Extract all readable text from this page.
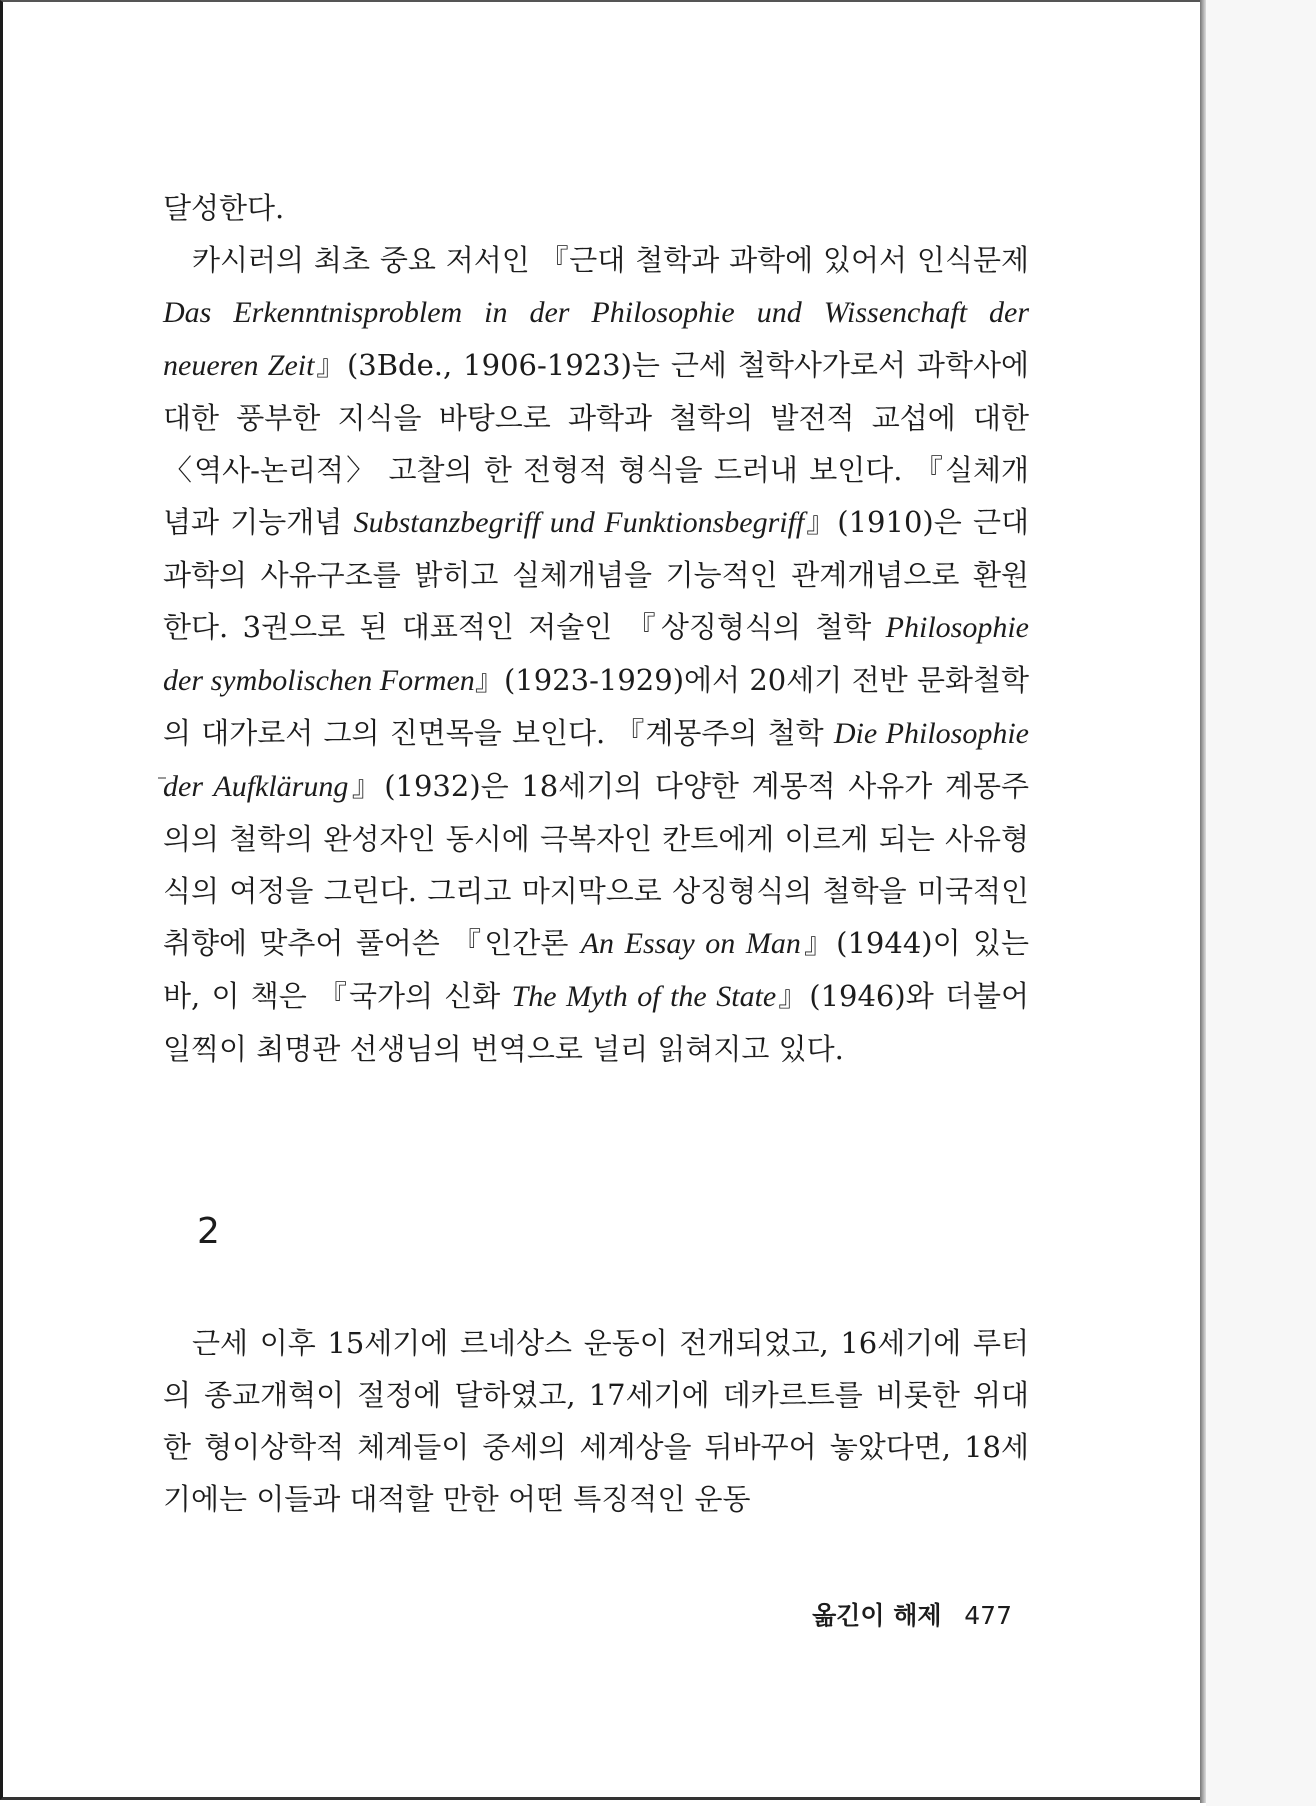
달성한다.

카시러의 최초 중요 저서인 『근대 철학과 과학에 있어서 인식문제 Das Erkenntnisproblem in der Philosophie und Wissenchaft der neueren Zeit』(3Bde., 1906-1923)는 근세 철학사가로서 과학사에 대한 풍부한 지식을 바탕으로 과학과 철학의 발전적 교섭에 대한 〈역사-논리적〉 고찰의 한 전형적 형식을 드러내 보인다. 『실체개념과 기능개념 Substanzbegriff und Funktionsbegriff』(1910)은 근대과학의 사유구조를 밝히고 실체개념을 기능적인 관계개념으로 환원한다. 3권으로 된 대표적인 저술인 『상징형식의 철학 Philosophie der symbolischen Formen』(1923-1929)에서 20세기 전반 문화철학의 대가로서 그의 진면목을 보인다. 『계몽주의 철학 Die Philosophie der Aufklärung』(1932)은 18세기의 다양한 계몽적 사유가 계몽주의의 철학의 완성자인 동시에 극복자인 칸트에게 이르게 되는 사유형식의 여정을 그린다. 그리고 마지막으로 상징형식의 철학을 미국적인 취향에 맞추어 풀어쓴 『인간론 An Essay on Man』(1944)이 있는바, 이 책은 『국가의 신화 The Myth of the State』(1946)와 더불어 일찍이 최명관 선생님의 번역으로 널리 읽혀지고 있다.

2

근세 이후 15세기에 르네상스 운동이 전개되었고, 16세기에 루터의 종교개혁이 절정에 달하였고, 17세기에 데카르트를 비롯한 위대한 형이상학적 체계들이 중세의 세계상을 뒤바꾸어 놓았다면, 18세기에는 이들과 대적할 만한 어떤 특징적인 운동

옮긴이 해제 477
